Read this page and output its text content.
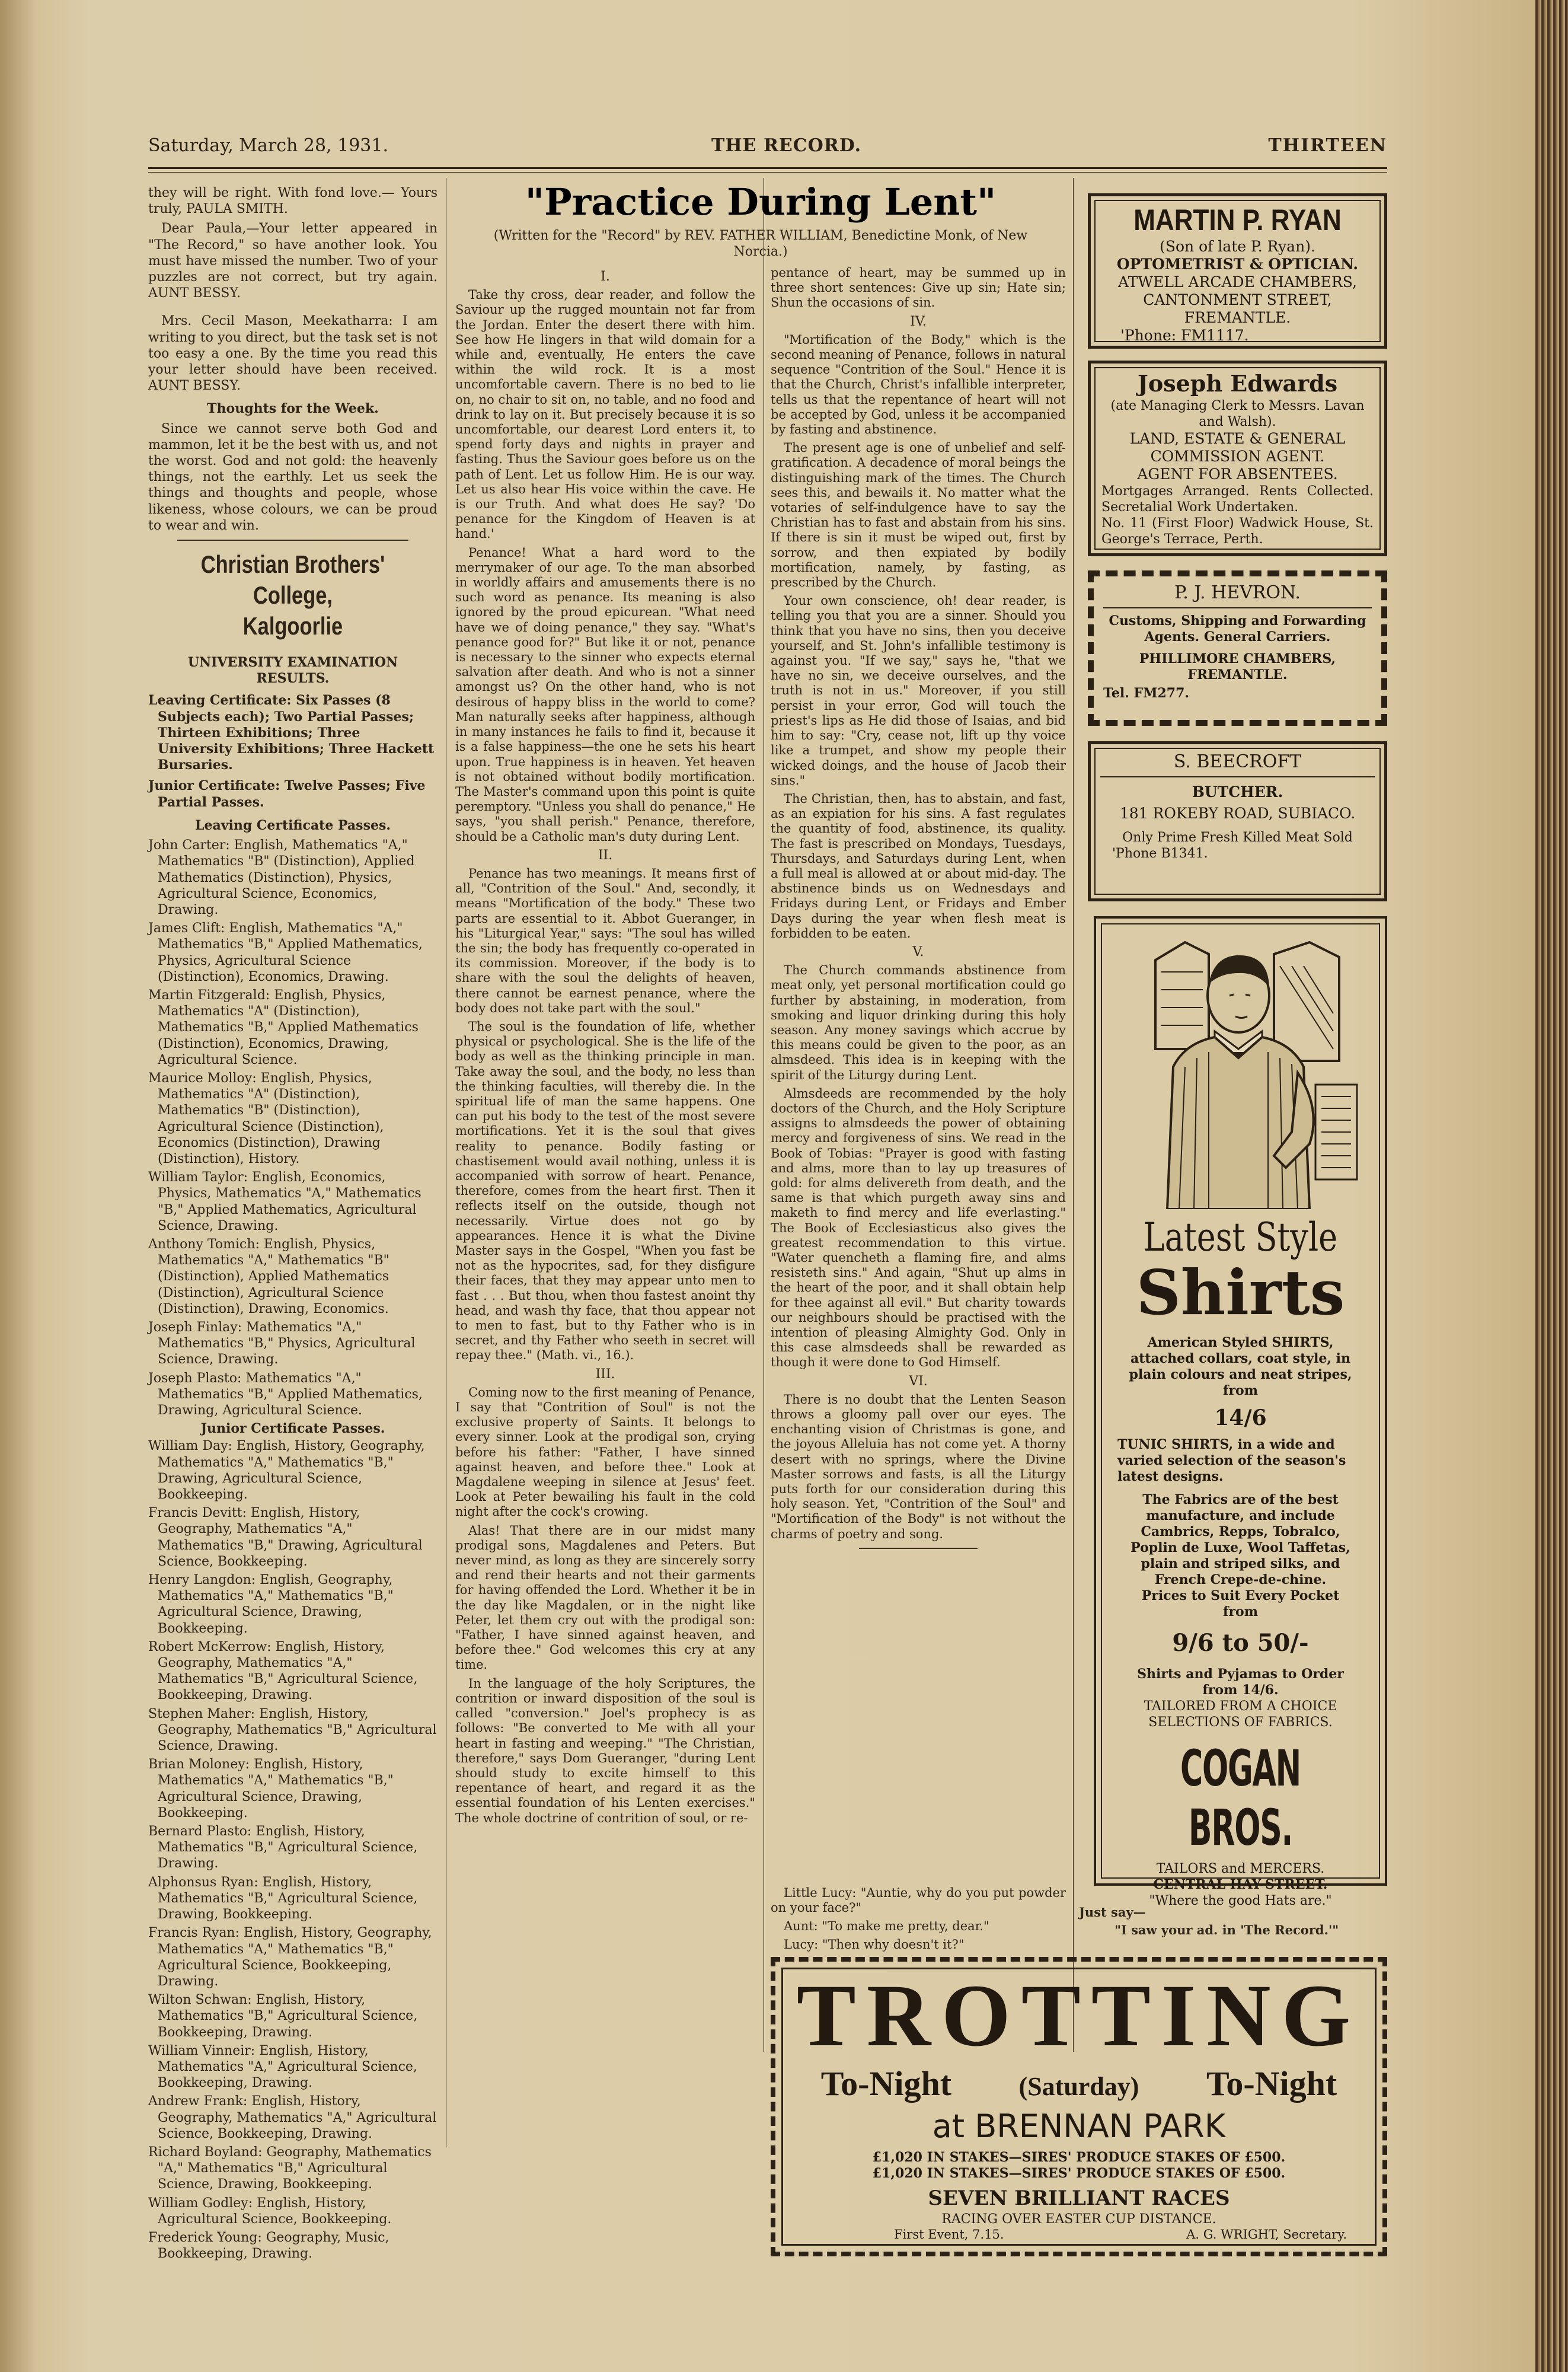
Saturday, March 28, 1931.	THE RECORD.	THIRTEEN

they will be right. With fond love.— Yours truly, PAULA SMITH.

Dear Paula,—Your letter appeared in "The Record," so have another look. You must have missed the number. Two of your puzzles are not correct, but try again. AUNT BESSY.

Mrs. Cecil Mason, Meekatharra: I am writing to you direct, but the task set is not too easy a one. By the time you read this your letter should have been received. AUNT BESSY.

Thoughts for the Week.

Since we cannot serve both God and mammon, let it be the best with us, and not the worst. God and not gold: the heavenly things, not the earthly. Let us seek the things and thoughts and people, whose likeness, whose colours, we can be proud to wear and win.

Christian Brothers' College,
Kalgoorlie
UNIVERSITY EXAMINATION
RESULTS.
Leaving Certificate: Six Passes (8 Subjects each); Two Partial Passes; Thirteen Exhibitions; Three University Exhibitions; Three Hackett Bursaries.
Junior Certificate: Twelve Passes; Five Partial Passes.
Leaving Certificate Passes.
John Carter: English, Mathematics "A," Mathematics "B" (Distinction), Applied Mathematics (Distinction), Physics, Agricultural Science, Economics, Drawing.
James Clift: English, Mathematics "A," Mathematics "B," Applied Mathematics, Physics, Agricultural Science (Distinction), Economics, Drawing.
Martin Fitzgerald: English, Physics, Mathematics "A" (Distinction), Mathematics "B," Applied Mathematics (Distinction), Economics, Drawing, Agricultural Science.
Maurice Molloy: English, Physics, Mathematics "A" (Distinction), Mathematics "B" (Distinction), Agricultural Science (Distinction), Economics (Distinction), Drawing (Distinction), History.
William Taylor: English, Economics, Physics, Mathematics "A," Mathematics "B," Applied Mathematics, Agricultural Science, Drawing.
Anthony Tomich: English, Physics, Mathematics "A," Mathematics "B" (Distinction), Applied Mathematics (Distinction), Agricultural Science (Distinction), Drawing, Economics.
Joseph Finlay: Mathematics "A," Mathematics "B," Physics, Agricultural Science, Drawing.
Joseph Plasto: Mathematics "A," Mathematics "B," Applied Mathematics, Drawing, Agricultural Science.
Junior Certificate Passes.
William Day: English, History, Geography, Mathematics "A," Mathematics "B," Drawing, Agricultural Science, Bookkeeping.
Francis Devitt: English, History, Geography, Mathematics "A," Mathematics "B," Drawing, Agricultural Science, Bookkeeping.
Henry Langdon: English, Geography, Mathematics "A," Mathematics "B," Agricultural Science, Drawing, Bookkeeping.
Robert McKerrow: English, History, Geography, Mathematics "A," Mathematics "B," Agricultural Science, Bookkeeping, Drawing.
Stephen Maher: English, History, Geography, Mathematics "B," Agricultural Science, Drawing.
Brian Moloney: English, History, Mathematics "A," Mathematics "B," Agricultural Science, Drawing, Bookkeeping.
Bernard Plasto: English, History, Mathematics "B," Agricultural Science, Drawing.
Alphonsus Ryan: English, History, Mathematics "B," Agricultural Science, Drawing, Bookkeeping.
Francis Ryan: English, History, Geography, Mathematics "A," Mathematics "B," Agricultural Science, Bookkeeping, Drawing.
Wilton Schwan: English, History, Mathematics "B," Agricultural Science, Bookkeeping, Drawing.
William Vinneir: English, History, Mathematics "A," Agricultural Science, Bookkeeping, Drawing.
Andrew Frank: English, History, Geography, Mathematics "A," Agricultural Science, Bookkeeping, Drawing.
Richard Boyland: Geography, Mathematics "A," Mathematics "B," Agricultural Science, Drawing, Bookkeeping.
William Godley: English, History, Agricultural Science, Bookkeeping.
Frederick Young: Geography, Music, Bookkeeping, Drawing.
"Practice During Lent"
(Written for the "Record" by REV. FATHER WILLIAM, Benedictine Monk, of New Norcia.)
I.

Take thy cross, dear reader, and follow the Saviour up the rugged mountain not far from the Jordan. Enter the desert there with him. See how He lingers in that wild domain for a while and, eventually, He enters the cave within the wild rock. It is a most uncomfortable cavern. There is no bed to lie on, no chair to sit on, no table, and no food and drink to lay on it. But precisely because it is so uncomfortable, our dearest Lord enters it, to spend forty days and nights in prayer and fasting. Thus the Saviour goes before us on the path of Lent. Let us follow Him. He is our way. Let us also hear His voice within the cave. He is our Truth. And what does He say? 'Do penance for the Kingdom of Heaven is at hand.'

Penance! What a hard word to the merrymaker of our age. To the man absorbed in worldly affairs and amusements there is no such word as penance. Its meaning is also ignored by the proud epicurean. "What need have we of doing penance," they say. "What's penance good for?" But like it or not, penance is necessary to the sinner who expects eternal salvation after death. And who is not a sinner amongst us? On the other hand, who is not desirous of happy bliss in the world to come? Man naturally seeks after happiness, although in many instances he fails to find it, because it is a false happiness—the one he sets his heart upon. True happiness is in heaven. Yet heaven is not obtained without bodily mortification. The Master's command upon this point is quite peremptory. "Unless you shall do penance," He says, "you shall perish." Penance, therefore, should be a Catholic man's duty during Lent.

II.

Penance has two meanings. It means first of all, "Contrition of the Soul." And, secondly, it means "Mortification of the body." These two parts are essential to it. Abbot Gueranger, in his "Liturgical Year," says: "The soul has willed the sin; the body has frequently co-operated in its commission. Moreover, if the body is to share with the soul the delights of heaven, there cannot be earnest penance, where the body does not take part with the soul."

The soul is the foundation of life, whether physical or psychological. She is the life of the body as well as the thinking principle in man. Take away the soul, and the body, no less than the thinking faculties, will thereby die. In the spiritual life of man the same happens. One can put his body to the test of the most severe mortifications. Yet it is the soul that gives reality to penance. Bodily fasting or chastisement would avail nothing, unless it is accompanied with sorrow of heart. Penance, therefore, comes from the heart first. Then it reflects itself on the outside, though not necessarily. Virtue does not go by appearances. Hence it is what the Divine Master says in the Gospel, "When you fast be not as the hypocrites, sad, for they disfigure their faces, that they may appear unto men to fast . . . But thou, when thou fastest anoint thy head, and wash thy face, that thou appear not to men to fast, but to thy Father who is in secret, and thy Father who seeth in secret will repay thee." (Math. vi., 16.).

III.

Coming now to the first meaning of Penance, I say that "Contrition of Soul" is not the exclusive property of Saints. It belongs to every sinner. Look at the prodigal son, crying before his father: "Father, I have sinned against heaven, and before thee." Look at Magdalene weeping in silence at Jesus' feet. Look at Peter bewailing his fault in the cold night after the cock's crowing.

Alas! That there are in our midst many prodigal sons, Magdalenes and Peters. But never mind, as long as they are sincerely sorry and rend their hearts and not their garments for having offended the Lord. Whether it be in the day like Magdalen, or in the night like Peter, let them cry out with the prodigal son: "Father, I have sinned against heaven, and before thee." God welcomes this cry at any time.

In the language of the holy Scriptures, the contrition or inward disposition of the soul is called "conversion." Joel's prophecy is as follows: "Be converted to Me with all your heart in fasting and weeping." "The Christian, therefore," says Dom Gueranger, "during Lent should study to excite himself to this repentance of heart, and regard it as the essential foundation of his Lenten exercises." The whole doctrine of contrition of soul, or re-

pentance of heart, may be summed up in three short sentences: Give up sin; Hate sin; Shun the occasions of sin.

IV.

"Mortification of the Body," which is the second meaning of Penance, follows in natural sequence "Contrition of the Soul." Hence it is that the Church, Christ's infallible interpreter, tells us that the repentance of heart will not be accepted by God, unless it be accompanied by fasting and abstinence.

The present age is one of unbelief and self-gratification. A decadence of moral beings the distinguishing mark of the times. The Church sees this, and bewails it. No matter what the votaries of self-indulgence have to say the Christian has to fast and abstain from his sins. If there is sin it must be wiped out, first by sorrow, and then expiated by bodily mortification, namely, by fasting, as prescribed by the Church.

Your own conscience, oh! dear reader, is telling you that you are a sinner. Should you think that you have no sins, then you deceive yourself, and St. John's infallible testimony is against you. "If we say," says he, "that we have no sin, we deceive ourselves, and the truth is not in us." Moreover, if you still persist in your error, God will touch the priest's lips as He did those of Isaias, and bid him to say: "Cry, cease not, lift up thy voice like a trumpet, and show my people their wicked doings, and the house of Jacob their sins."

The Christian, then, has to abstain, and fast, as an expiation for his sins. A fast regulates the quantity of food, abstinence, its quality. The fast is prescribed on Mondays, Tuesdays, Thursdays, and Saturdays during Lent, when a full meal is allowed at or about mid-day. The abstinence binds us on Wednesdays and Fridays during Lent, or Fridays and Ember Days during the year when flesh meat is forbidden to be eaten.

V.

The Church commands abstinence from meat only, yet personal mortification could go further by abstaining, in moderation, from smoking and liquor drinking during this holy season. Any money savings which accrue by this means could be given to the poor, as an almsdeed. This idea is in keeping with the spirit of the Liturgy during Lent.

Almsdeeds are recommended by the holy doctors of the Church, and the Holy Scripture assigns to almsdeeds the power of obtaining mercy and forgiveness of sins. We read in the Book of Tobias: "Prayer is good with fasting and alms, more than to lay up treasures of gold: for alms delivereth from death, and the same is that which purgeth away sins and maketh to find mercy and life everlasting." The Book of Ecclesiasticus also gives the greatest recommendation to this virtue. "Water quencheth a flaming fire, and alms resisteth sins." And again, "Shut up alms in the heart of the poor, and it shall obtain help for thee against all evil." But charity towards our neighbours should be practised with the intention of pleasing Almighty God. Only in this case almsdeeds shall be rewarded as though it were done to God Himself.

VI.

There is no doubt that the Lenten Season throws a gloomy pall over our eyes. The enchanting vision of Christmas is gone, and the joyous Alleluia has not come yet. A thorny desert with no springs, where the Divine Master sorrows and fasts, is all the Liturgy puts forth for our consideration during this holy season. Yet, "Contrition of the Soul" and "Mortification of the Body" is not without the charms of poetry and song.

Little Lucy: "Auntie, why do you put powder on your face?"

Aunt: "To make me pretty, dear."

Lucy: "Then why doesn't it?"

Just say—
"I saw your ad. in 'The Record.'"
MARTIN P. RYAN
(Son of late P. Ryan).
OPTOMETRIST & OPTICIAN.
ATWELL ARCADE CHAMBERS,
CANTONMENT STREET,
FREMANTLE.
'Phone: FM1117.
Joseph Edwards
(ate Managing Clerk to Messrs. Lavan and Walsh).
LAND, ESTATE & GENERAL COMMISSION AGENT.
AGENT FOR ABSENTEES.
Mortgages Arranged. Rents Collected. Secretalial Work Undertaken.
No. 11 (First Floor) Wadwick House, St. George's Terrace, Perth.
P. J. HEVRON.
Customs, Shipping and Forwarding Agents. General Carriers.
PHILLIMORE CHAMBERS, FREMANTLE.
Tel. FM277.
S. BEECROFT
BUTCHER.
181 ROKEBY ROAD, SUBIACO.
Only Prime Fresh Killed Meat Sold
'Phone B1341.
Latest Style
Shirts
American Styled SHIRTS, attached collars, coat style, in plain colours and neat stripes, from
14/6
TUNIC SHIRTS, in a wide and varied selection of the season's latest designs.
The Fabrics are of the best manufacture, and include Cambrics, Repps, Tobralco, Poplin de Luxe, Wool Taffetas, plain and striped silks, and French Crepe-de-chine.
Prices to Suit Every Pocket from
9/6 to 50/-
Shirts and Pyjamas to Order from 14/6.
TAILORED FROM A CHOICE SELECTIONS OF FABRICS.
COGAN BROS.
TAILORS and MERCERS.
CENTRAL HAY-STREET.
"Where the good Hats are."
TROTTING
To-Night	(Saturday) To-Night
at BRENNAN PARK
£1,020 IN STAKES—SIRES' PRODUCE STAKES OF £500.
£1,020 IN STAKES—SIRES' PRODUCE STAKES OF £500.
SEVEN BRILLIANT RACES
RACING OVER EASTER CUP DISTANCE.
First Event, 7.15.	A. G. WRIGHT, Secretary.
